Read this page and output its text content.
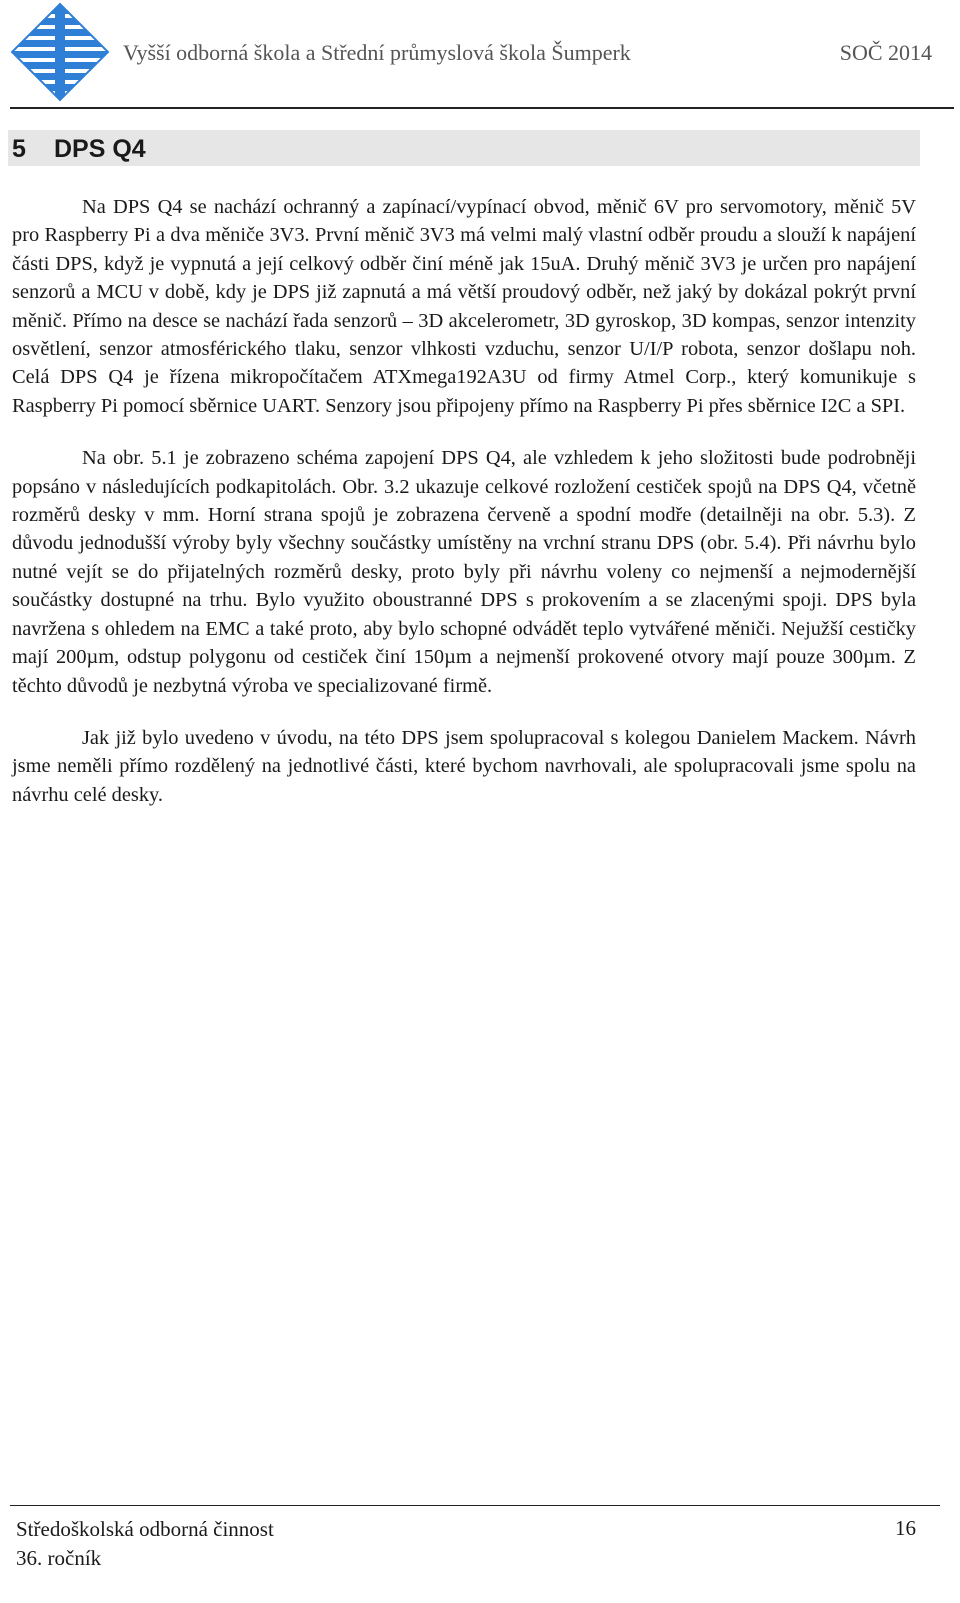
Vyšší odborná škola a Střední průmyslová škola Šumperk	SOČ 2014
5 DPS Q4

Na DPS Q4 se nachází ochranný a zapínací/vypínací obvod, měnič 6V pro servomotory, měnič 5V pro Raspberry Pi a dva měniče 3V3. První měnič 3V3 má velmi malý vlastní odběr proudu a slouží k napájení části DPS, když je vypnutá a její celkový odběr činí méně jak 15uA. Druhý měnič 3V3 je určen pro napájení senzorů a MCU v době, kdy je DPS již zapnutá a má větší proudový odběr, než jaký by dokázal pokrýt první měnič. Přímo na desce se nachází řada senzorů – 3D akcelerometr, 3D gyroskop, 3D kompas, senzor intenzity osvětlení, senzor atmosférického tlaku, senzor vlhkosti vzduchu, senzor U/I/P robota, senzor došlapu noh. Celá DPS Q4 je řízena mikropočítačem ATXmega192A3U od firmy Atmel Corp., který komunikuje s Raspberry Pi pomocí sběrnice UART. Senzory jsou připojeny přímo na Raspberry Pi přes sběrnice I2C a SPI.

Na obr. 5.1 je zobrazeno schéma zapojení DPS Q4, ale vzhledem k jeho složitosti bude podrobněji popsáno v následujících podkapitolách. Obr. 3.2 ukazuje celkové rozložení cestiček spojů na DPS Q4, včetně rozměrů desky v mm. Horní strana spojů je zobrazena červeně a spodní modře (detailněji na obr. 5.3). Z důvodu jednodušší výroby byly všechny součástky umístěny na vrchní stranu DPS (obr. 5.4). Při návrhu bylo nutné vejít se do přijatelných rozměrů desky, proto byly při návrhu voleny co nejmenší a nejmodernější součástky dostupné na trhu. Bylo využito oboustranné DPS s prokovením a se zlacenými spoji. DPS byla navržena s ohledem na EMC a také proto, aby bylo schopné odvádět teplo vytvářené měniči. Nejužší cestičky mají 200µm, odstup polygonu od cestiček činí 150µm a nejmenší prokovené otvory mají pouze 300µm. Z těchto důvodů je nezbytná výroba ve specializované firmě.

Jak již bylo uvedeno v úvodu, na této DPS jsem spolupracoval s kolegou Danielem Mackem. Návrh jsme neměli přímo rozdělený na jednotlivé části, které bychom navrhovali, ale spolupracovali jsme spolu na návrhu celé desky.

Středoškolská odborná činnost
36. ročník
16
